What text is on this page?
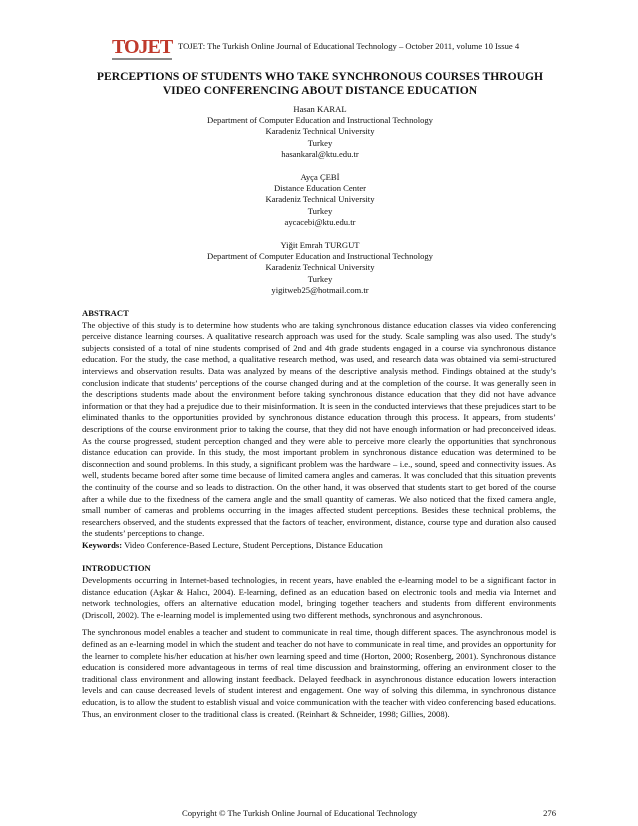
TOJET TOJET: The Turkish Online Journal of Educational Technology – October 2011, volume 10 Issue 4
PERCEPTIONS OF STUDENTS WHO TAKE SYNCHRONOUS COURSES THROUGH
VIDEO CONFERENCING ABOUT DISTANCE EDUCATION
Hasan KARAL
Department of Computer Education and Instructional Technology
Karadeniz Technical University
Turkey
hasankaral@ktu.edu.tr
Ayça ÇEBİ
Distance Education Center
Karadeniz Technical University
Turkey
aycacebi@ktu.edu.tr
Yiğit Emrah TURGUT
Department of Computer Education and Instructional Technology
Karadeniz Technical University
Turkey
yigitweb25@hotmail.com.tr

ABSTRACT

The objective of this study is to determine how students who are taking synchronous distance education classes via video conferencing perceive distance learning courses. A qualitative research approach was used for the study. Scale sampling was also used. The study’s subjects consisted of a total of nine students comprised of 2nd and 4th grade students engaged in a course via synchronous distance education. For the study, the case method, a qualitative research method, was used, and research data was obtained via semi-structured interviews and observation results. Data was analyzed by means of the descriptive analysis method. Findings obtained at the study’s conclusion indicate that students’ perceptions of the course changed during and at the completion of the course. It was generally seen in the descriptions students made about the environment before taking synchronous distance education that they did not have advance information or that they had a prejudice due to their misinformation. It is seen in the conducted interviews that these prejudices start to be eliminated thanks to the opportunities provided by synchronous distance education through this process. It appears, from students’ descriptions of the course environment prior to taking the course, that they did not have enough information or had preconceived ideas. As the course progressed, student perception changed and they were able to perceive more clearly the opportunities that synchronous distance education can provide. In this study, the most important problem in synchronous distance education was determined to be disconnection and sound problems. In this study, a significant problem was the hardware – i.e., sound, speed and connectivity issues. As well, students became bored after some time because of limited camera angles and cameras. It was concluded that this situation prevents the continuity of the course and so leads to distraction. On the other hand, it was observed that students start to get bored of the course after a while due to the fixedness of the camera angle and the small quantity of cameras. We also noticed that the fixed camera angle, small number of cameras and problems occurring in the images affected student perceptions. Besides these technical problems, the researchers observed, and the students expressed that the factors of teacher, environment, distance, course type and duration also caused the students’ perceptions to change.

Keywords: Video Conference-Based Lecture, Student Perceptions, Distance Education

INTRODUCTION

Developments occurring in Internet-based technologies, in recent years, have enabled the e-learning model to be a significant factor in distance education (Aşkar & Halıcı, 2004). E-learning, defined as an education based on electronic tools and media via Internet and network technologies, offers an alternative education model, bringing together teachers and students from different environments (Driscoll, 2002). The e-learning model is implemented using two different methods, synchronous and asynchronous.

The synchronous model enables a teacher and student to communicate in real time, though different spaces. The asynchronous model is defined as an e-learning model in which the student and teacher do not have to communicate in real time, and provides an opportunity for the learner to complete his/her education at his/her own learning speed and time (Horton, 2000; Rosenberg, 2001). Synchronous distance education is considered more advantageous in terms of real time discussion and brainstorming, offering an environment closer to the traditional class environment and allowing instant feedback. Delayed feedback in asynchronous distance education lowers interaction levels and can cause decreased levels of student interest and engagement. One way of solving this dilemma, in synchronous distance education, is to allow the student to establish visual and voice communication with the teacher with video conferencing based educations. Thus, an environment closer to the traditional class is created. (Reinhart & Schneider, 1998; Gillies, 2008).

Copyright © The Turkish Online Journal of Educational Technology	276
